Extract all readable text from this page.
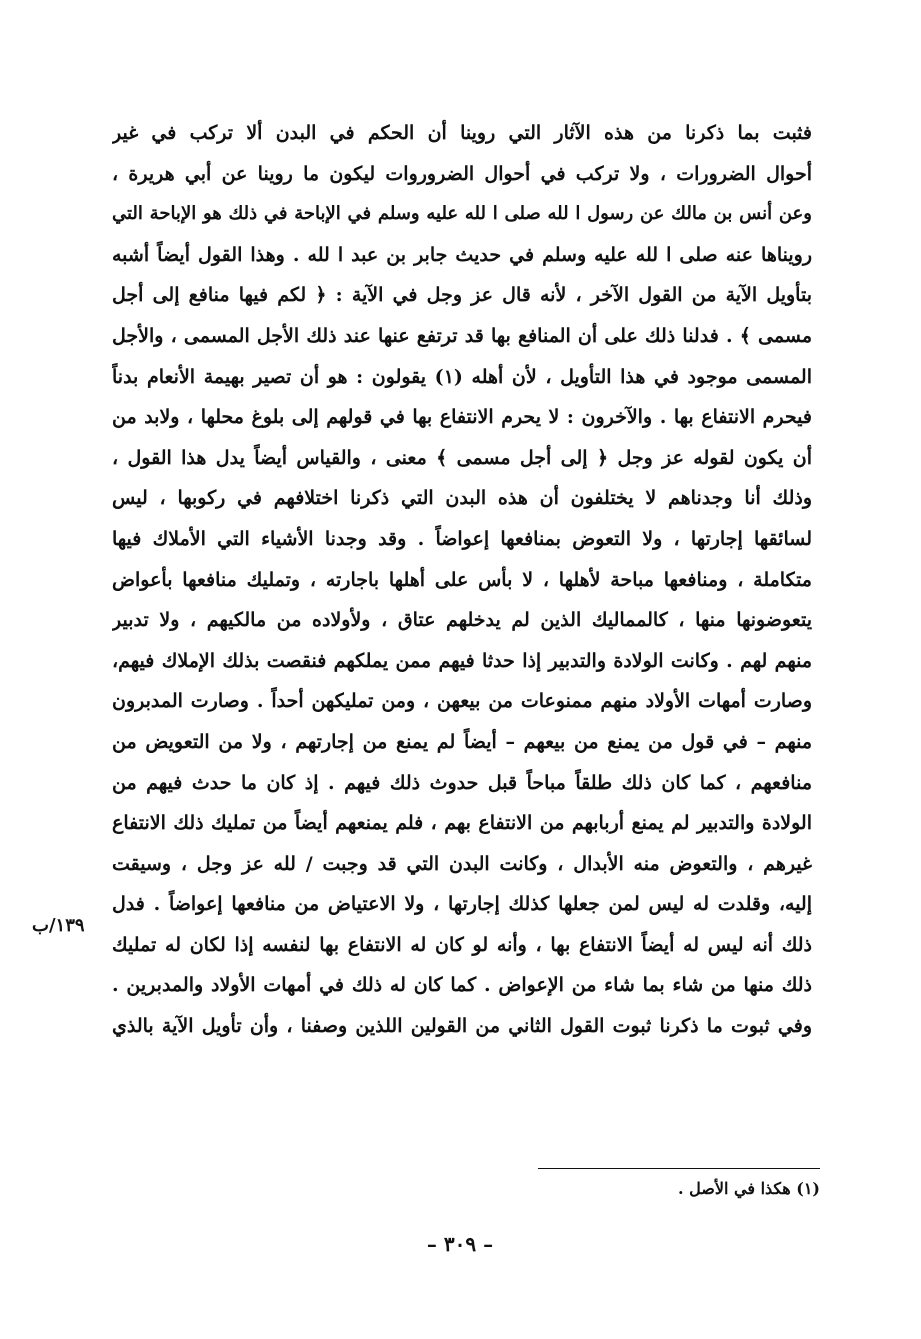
فثبت بما ذكرنا من هذه الآثار التي روينا أن الحكم في البدن ألا تركب في غير
أحوال الضرورات ، ولا تركب في أحوال الضروروات ليكون ما روينا عن أبي هريرة ،
وعن أنس بن مالك عن رسول ا لله صلى ا لله عليه وسلم في الإباحة في ذلك هو الإباحة التي
رويناها عنه صلى ا لله عليه وسلم في حديث جابر بن عبد ا لله . وهذا القول أيضاً أشبه
بتأويل الآية من القول الآخر ، لأنه قال عز وجل في الآية : ﴿ لكم فيها منافع إلى أجل
مسمى ﴾ . فدلنا ذلك على أن المنافع بها قد ترتفع عنها عند ذلك الأجل المسمى ، والأجل
المسمى موجود في هذا التأويل ، لأن أهله (١) يقولون : هو أن تصير بهيمة الأنعام بدناً
فيحرم الانتفاع بها . والآخرون : لا يحرم الانتفاع بها في قولهم إلى بلوغ محلها ، ولابد من
أن يكون لقوله عز وجل ﴿ إلى أجل مسمى ﴾ معنى ، والقياس أيضاً يدل هذا القول ،
وذلك أنا وجدناهم لا يختلفون أن هذه البدن التي ذكرنا اختلافهم في ركوبها ، ليس
لسائقها إجارتها ، ولا التعوض بمنافعها إعواضاً . وقد وجدنا الأشياء التي الأملاك فيها
متكاملة ، ومنافعها مباحة لأهلها ، لا بأس على أهلها باجارته ، وتمليك منافعها بأعواض
يتعوضونها منها ، كالمماليك الذين لم يدخلهم عتاق ، ولأولاده من مالكيهم ، ولا تدبير
منهم لهم . وكانت الولادة والتدبير إذا حدثا فيهم ممن يملكهم فنقصت بذلك الإملاك فيهم،
وصارت أمهات الأولاد منهم ممنوعات من بيعهن ، ومن تمليكهن أحداً . وصارت المدبرون
منهم – في قول من يمنع من بيعهم – أيضاً لم يمنع من إجارتهم ، ولا من التعويض من
منافعهم ، كما كان ذلك طلقاً مباحاً قبل حدوث ذلك فيهم . إذ كان ما حدث فيهم من
الولادة والتدبير لم يمنع أربابهم من الانتفاع بهم ، فلم يمنعهم أيضاً من تمليك ذلك الانتفاع
غيرهم ، والتعوض منه الأبدال ، وكانت البدن التي قد وجبت / لله عز وجل ، وسيقت
إليه، وقلدت له ليس لمن جعلها كذلك إجارتها ، ولا الاعتياض من منافعها إعواضاً . فدل
ذلك أنه ليس له أيضاً الانتفاع بها ، وأنه لو كان له الانتفاع بها لنفسه إذا لكان له تمليك
ذلك منها من شاء بما شاء من الإعواض . كما كان له ذلك في أمهات الأولاد والمدبرين .
وفي ثبوت ما ذكرنا ثبوت القول الثاني من القولين اللذين وصفنا ، وأن تأويل الآية بالذي
١٣٩/ب
(١) هكذا في الأصل .
– ٣٠٩ –
